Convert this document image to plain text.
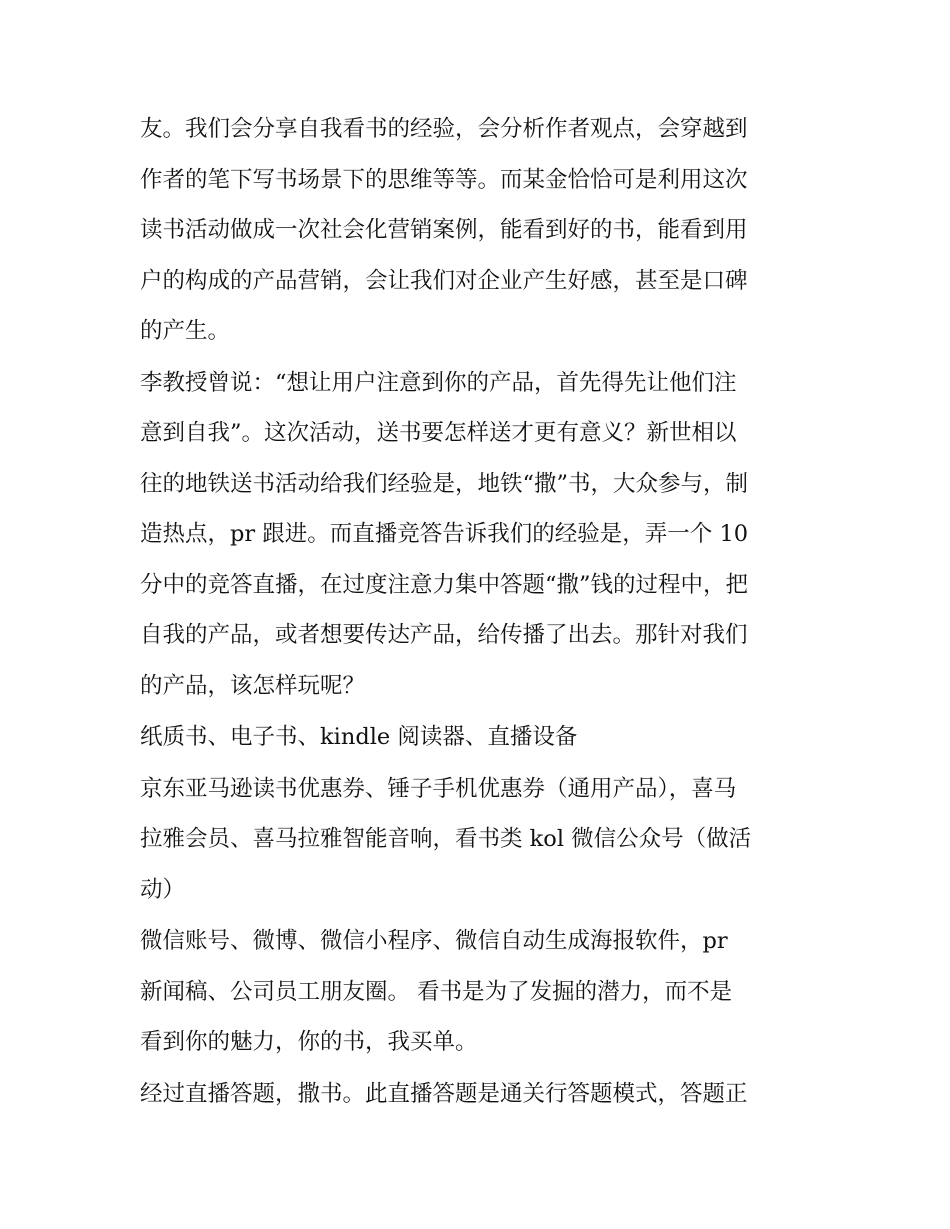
友。我们会分享自我看书的经验，会分析作者观点，会穿越到
作者的笔下写书场景下的思维等等。而某金恰恰可是利用这次
读书活动做成一次社会化营销案例，能看到好的书，能看到用
户的构成的产品营销，会让我们对企业产生好感，甚至是口碑
的产生。
李教授曾说：“想让用户注意到你的产品，首先得先让他们注
意到自我”。这次活动，送书要怎样送才更有意义？新世相以
往的地铁送书活动给我们经验是，地铁“撒”书，大众参与，制
造热点，pr 跟进。而直播竞答告诉我们的经验是，弄一个 10
分中的竞答直播，在过度注意力集中答题“撒”钱的过程中，把
自我的产品，或者想要传达产品，给传播了出去。那针对我们
的产品，该怎样玩呢？
纸质书、电子书、kindle 阅读器、直播设备
京东亚马逊读书优惠券、锤子手机优惠券（通用产品），喜马
拉雅会员、喜马拉雅智能音响，看书类 kol 微信公众号（做活
动）
微信账号、微博、微信小程序、微信自动生成海报软件，pr
新闻稿、公司员工朋友圈。 看书是为了发掘的潜力，而不是
看到你的魅力，你的书，我买单。
经过直播答题，撒书。此直播答题是通关行答题模式，答题正
